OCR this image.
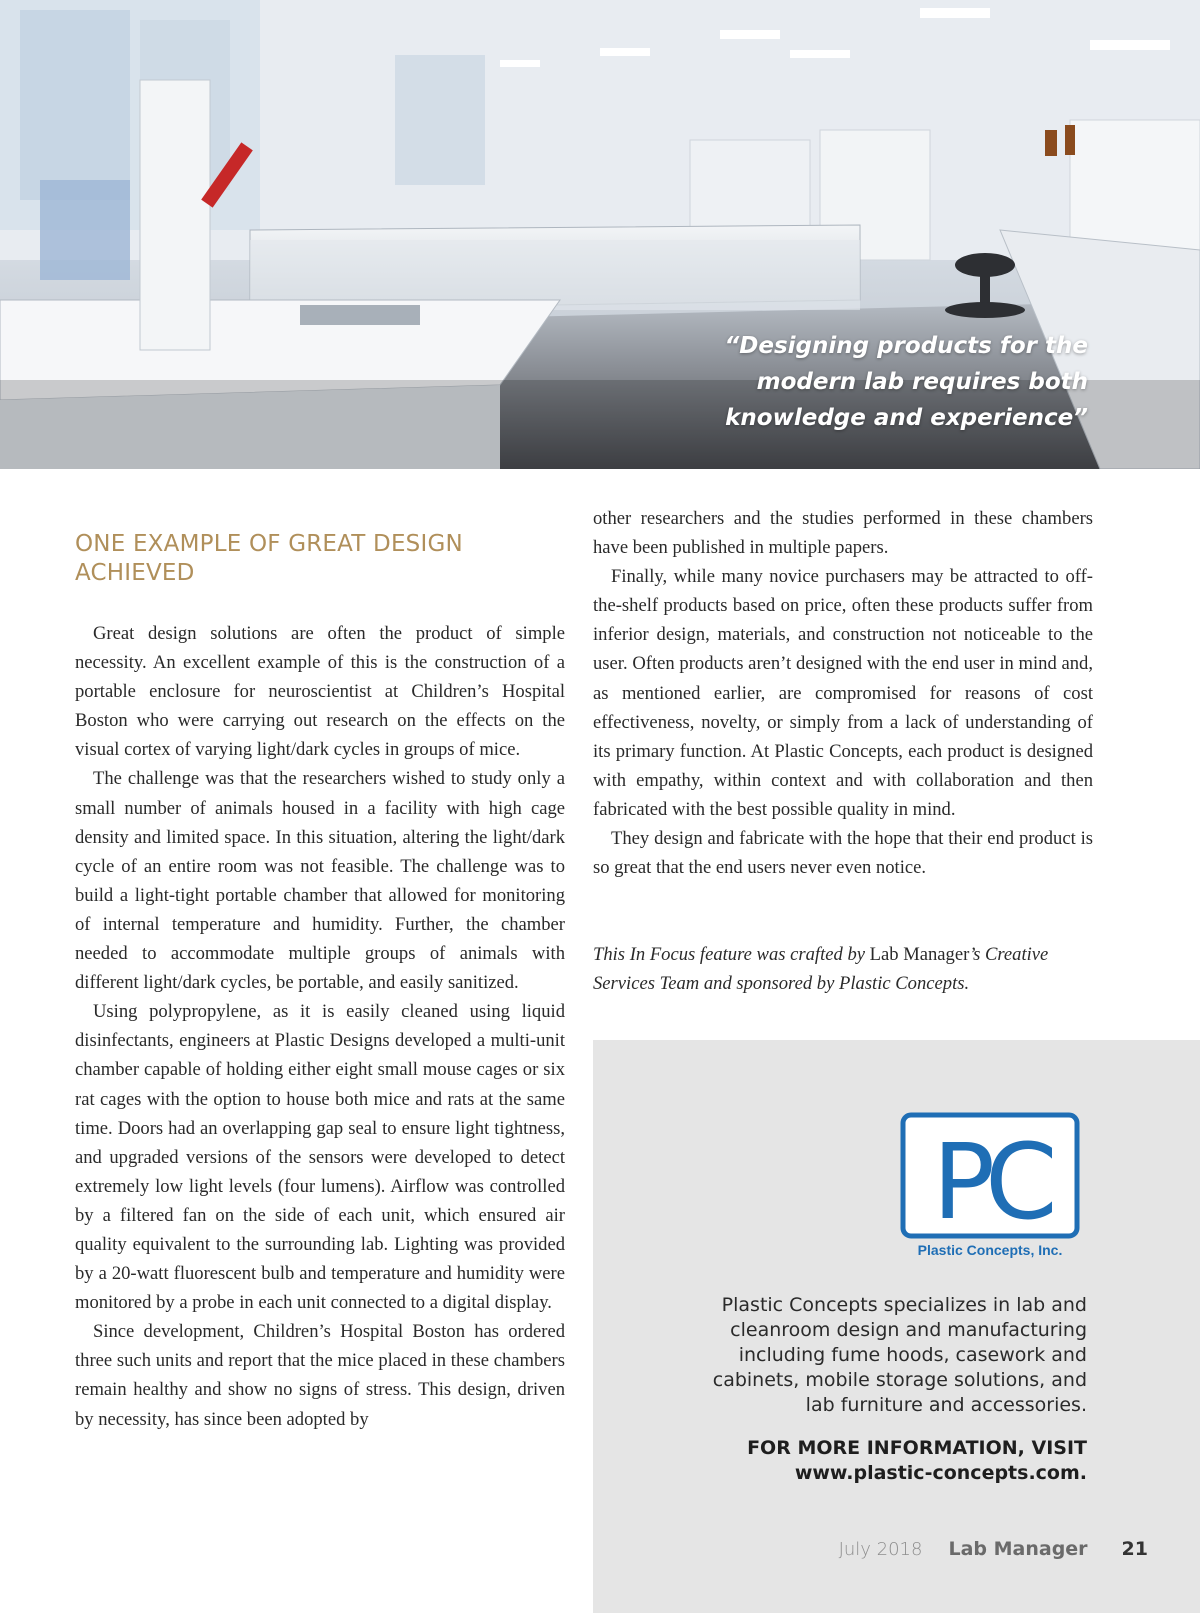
“Designing products for the
modern lab requires both
knowledge and experience”
ONE EXAMPLE OF GREAT DESIGN ACHIEVED

Great design solutions are often the product of simple necessity. An excellent example of this is the construction of a portable enclosure for neuroscientist at Children’s Hospital Boston who were carrying out research on the effects on the visual cortex of varying light/dark cycles in groups of mice.

The challenge was that the researchers wished to study only a small number of animals housed in a facility with high cage density and limited space. In this situation, altering the light/dark cycle of an entire room was not feasible. The challenge was to build a light-tight portable chamber that allowed for monitoring of internal temperature and humidity. Further, the chamber needed to accommodate multiple groups of animals with different light/dark cycles, be portable, and easily sanitized.

Using polypropylene, as it is easily cleaned using liquid disinfectants, engineers at Plastic Designs developed a multi-unit chamber capable of holding either eight small mouse cages or six rat cages with the option to house both mice and rats at the same time. Doors had an overlapping gap seal to ensure light tightness, and upgraded versions of the sensors were developed to detect extremely low light levels (four lumens). Airflow was controlled by a filtered fan on the side of each unit, which ensured air quality equivalent to the surrounding lab. Lighting was provided by a 20-watt fluorescent bulb and temperature and humidity were monitored by a probe in each unit connected to a digital display.

Since development, Children’s Hospital Boston has ordered three such units and report that the mice placed in these chambers remain healthy and show no signs of stress. This design, driven by necessity, has since been adopted by

other researchers and the studies performed in these chambers have been published in multiple papers.

Finally, while many novice purchasers may be attracted to off-the-shelf products based on price, often these products suffer from inferior design, materials, and construction not noticeable to the user. Often products aren’t designed with the end user in mind and, as mentioned earlier, are compromised for reasons of cost effectiveness, novelty, or simply from a lack of understanding of its primary function. At Plastic Concepts, each product is designed with empathy, within context and with collaboration and then fabricated with the best possible quality in mind.

They design and fabricate with the hope that their end product is so great that the end users never even notice.

This In Focus feature was crafted by Lab Manager’s Creative Services Team and sponsored by Plastic Concepts.
PC
Plastic Concepts, Inc.
Plastic Concepts specializes in lab and
cleanroom design and manufacturing
including fume hoods, casework and
cabinets, mobile storage solutions, and
lab furniture and accessories.
FOR MORE INFORMATION, VISIT
www.plastic-concepts.com.
July 2018 Lab Manager 21
